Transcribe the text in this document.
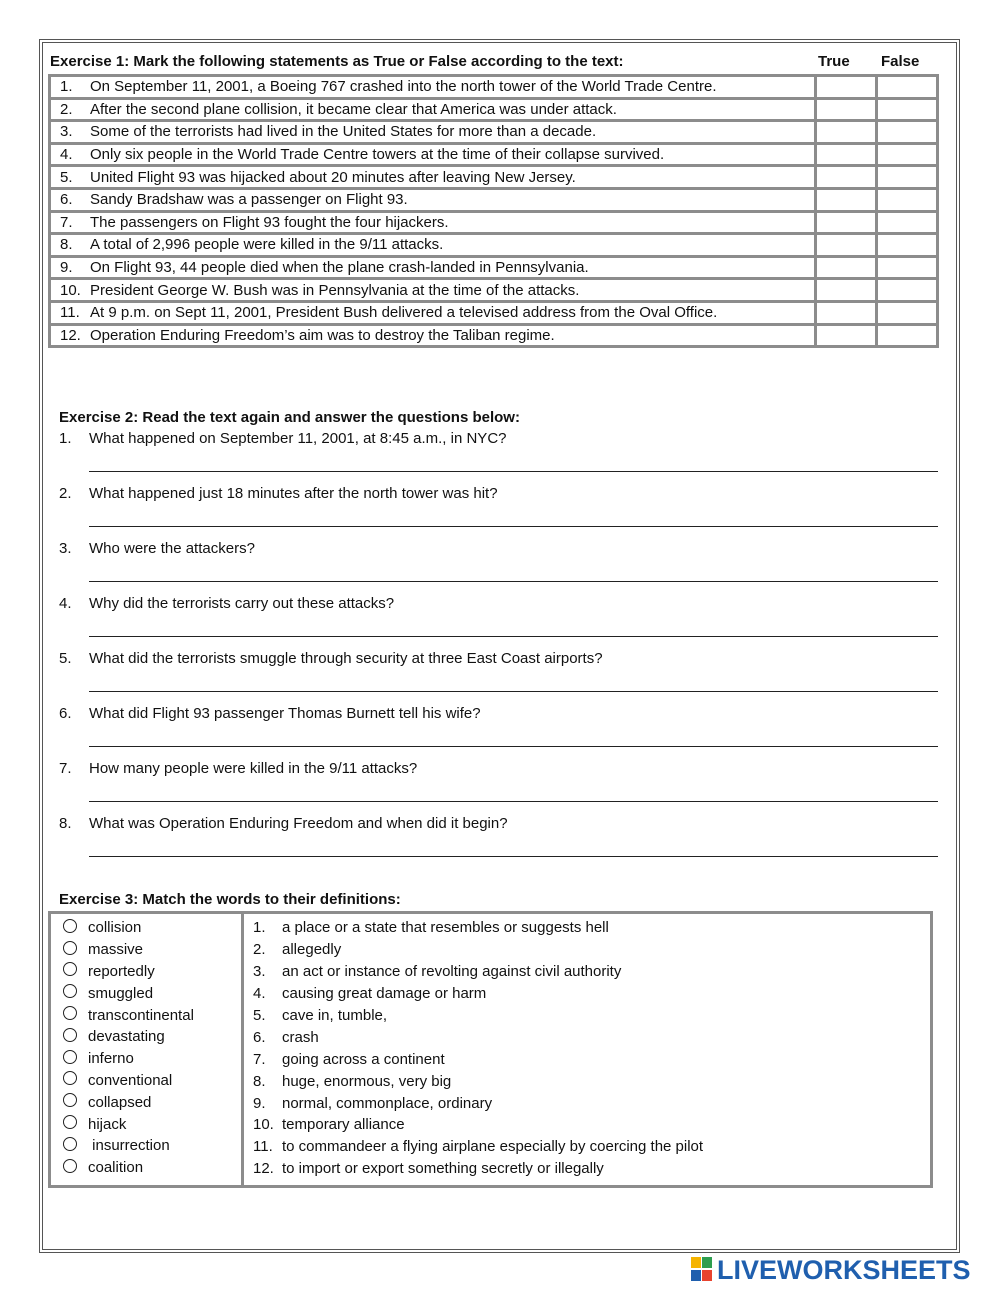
Exercise 1: Mark the following statements as True or False according to the text:	True False
1. On September 11, 2001, a Boeing 767 crashed into the north tower of the World Trade Centre.		
2. After the second plane collision, it became clear that America was under attack.		
3. Some of the terrorists had lived in the United States for more than a decade.		
4. Only six people in the World Trade Centre towers at the time of their collapse survived.		
5. United Flight 93 was hijacked about 20 minutes after leaving New Jersey.		
6. Sandy Bradshaw was a passenger on Flight 93.		
7. The passengers on Flight 93 fought the four hijackers.		
8. A total of 2,996 people were killed in the 9/11 attacks.		
9. On Flight 93, 44 people died when the plane crash-landed in Pennsylvania.		
10. President George W. Bush was in Pennsylvania at the time of the attacks.		
11. At 9 p.m. on Sept 11, 2001, President Bush delivered a televised address from the Oval Office.		
12. Operation Enduring Freedom’s aim was to destroy the Taliban regime.		
Exercise 2: Read the text again and answer the questions below:
1. What happened on September 11, 2001, at 8:45 a.m., in NYC?
2. What happened just 18 minutes after the north tower was hit?
3. Who were the attackers?
4. Why did the terrorists carry out these attacks?
5. What did the terrorists smuggle through security at three East Coast airports?
6. What did Flight 93 passenger Thomas Burnett tell his wife?
7. How many people were killed in the 9/11 attacks?
8. What was Operation Enduring Freedom and when did it begin?
Exercise 3: Match the words to their definitions:
collision
massive
reportedly
smuggled
transcontinental
devastating
inferno
conventional
collapsed
hijack
insurrection
coalition
1.	a place or a state that resembles or suggests hell
2.	allegedly
3.	an act or instance of revolting against civil authority
4.	causing great damage or harm
5.	cave in, tumble,
6.	crash
7.	going across a continent
8.	huge, enormous, very big
9.	normal, commonplace, ordinary
10. temporary alliance
11. to commandeer a flying airplane especially by coercing the pilot
12. to import or export something secretly or illegally
LIVEWORKSHEETS
